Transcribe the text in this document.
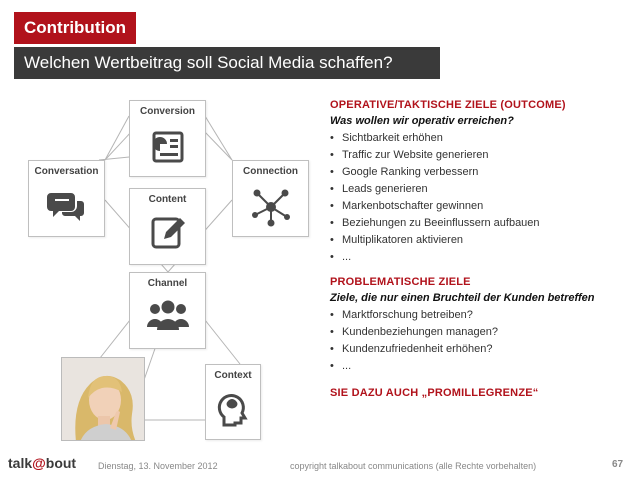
Contribution
Welchen Wertbeitrag soll Social Media schaffen?
Conversion
Conversation	Connection
Content
Channel
Context
OPERATIVE/TAKTISCHE ZIELE (OUTCOME)
Was wollen wir operativ erreichen?
• Sichtbarkeit erhöhen
• Traffic zur Website generieren
• Google Ranking verbessern
• Leads generieren
• Markenbotschafter gewinnen
• Beziehungen zu Beeinflussern aufbauen
• Multiplikatoren aktivieren
• ...
PROBLEMATISCHE ZIELE
Ziele, die nur einen Bruchteil der Kunden betreffen
• Marktforschung betreiben?
• Kundenbeziehungen managen?
• Kundenzufriedenheit erhöhen?
• ...
SIE DAZU AUCH „PROMILLEGRENZE“
talk@bout Dienstag, 13. November 2012	copyright talkabout communications (alle Rechte vorbehalten)	67
